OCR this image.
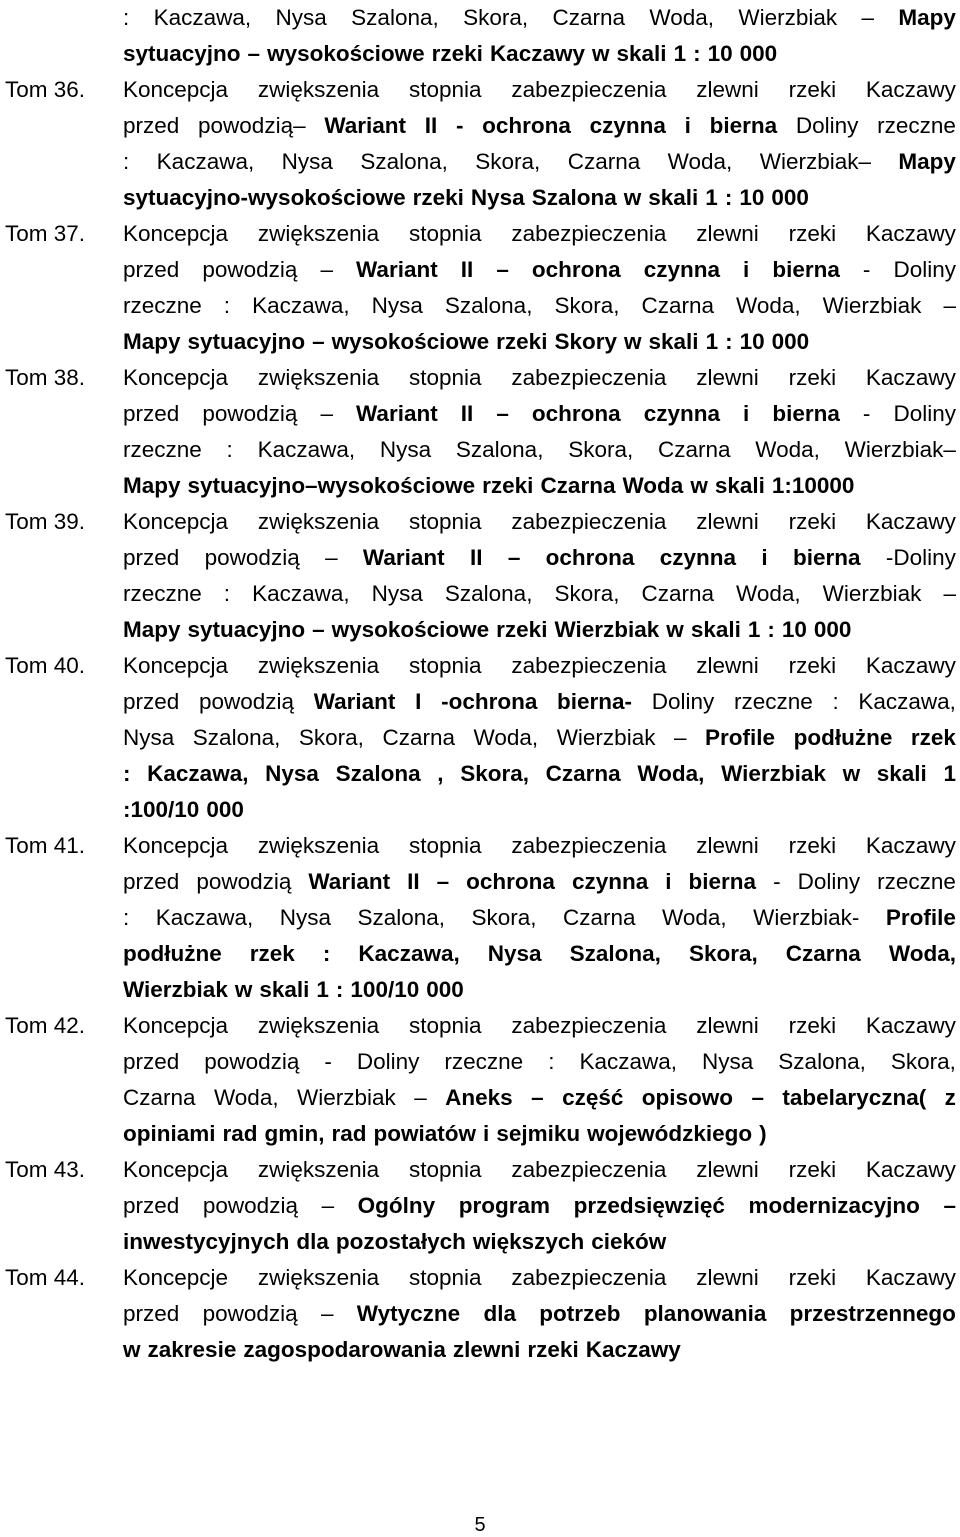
: Kaczawa, Nysa Szalona, Skora, Czarna Woda, Wierzbiak – Mapy
sytuacyjno – wysokościowe rzeki Kaczawy w skali 1 : 10 000
Tom 36. Koncepcja zwiększenia stopnia zabezpieczenia zlewni rzeki Kaczawy
przed powodzią– Wariant II - ochrona czynna i bierna Doliny rzeczne
: Kaczawa, Nysa Szalona, Skora, Czarna Woda, Wierzbiak– Mapy
sytuacyjno-wysokościowe rzeki Nysa Szalona w skali 1 : 10 000
Tom 37. Koncepcja zwiększenia stopnia zabezpieczenia zlewni rzeki Kaczawy
przed powodzią – Wariant II – ochrona czynna i bierna - Doliny
rzeczne : Kaczawa, Nysa Szalona, Skora, Czarna Woda, Wierzbiak –
Mapy sytuacyjno – wysokościowe rzeki Skory w skali 1 : 10 000
Tom 38. Koncepcja zwiększenia stopnia zabezpieczenia zlewni rzeki Kaczawy
przed powodzią – Wariant II – ochrona czynna i bierna - Doliny
rzeczne : Kaczawa, Nysa Szalona, Skora, Czarna Woda, Wierzbiak–
Mapy sytuacyjno–wysokościowe rzeki Czarna Woda w skali 1:10000
Tom 39. Koncepcja zwiększenia stopnia zabezpieczenia zlewni rzeki Kaczawy
przed powodzią – Wariant II – ochrona czynna i bierna -Doliny
rzeczne : Kaczawa, Nysa Szalona, Skora, Czarna Woda, Wierzbiak –
Mapy sytuacyjno – wysokościowe rzeki Wierzbiak w skali 1 : 10 000
Tom 40. Koncepcja zwiększenia stopnia zabezpieczenia zlewni rzeki Kaczawy
przed powodzią Wariant I -ochrona bierna- Doliny rzeczne : Kaczawa,
Nysa Szalona, Skora, Czarna Woda, Wierzbiak – Profile podłużne rzek
: Kaczawa, Nysa Szalona , Skora, Czarna Woda, Wierzbiak w skali 1
:100/10 000
Tom 41. Koncepcja zwiększenia stopnia zabezpieczenia zlewni rzeki Kaczawy
przed powodzią Wariant II – ochrona czynna i bierna - Doliny rzeczne
: Kaczawa, Nysa Szalona, Skora, Czarna Woda, Wierzbiak- Profile
podłużne rzek : Kaczawa, Nysa Szalona, Skora, Czarna Woda,
Wierzbiak w skali 1 : 100/10 000
Tom 42. Koncepcja zwiększenia stopnia zabezpieczenia zlewni rzeki Kaczawy
przed powodzią - Doliny rzeczne : Kaczawa, Nysa Szalona, Skora,
Czarna Woda, Wierzbiak – Aneks – część opisowo – tabelaryczna( z
opiniami rad gmin, rad powiatów i sejmiku wojewódzkiego )
Tom 43. Koncepcja zwiększenia stopnia zabezpieczenia zlewni rzeki Kaczawy
przed powodzią – Ogólny program przedsięwzięć modernizacyjno –
inwestycyjnych dla pozostałych większych cieków
Tom 44. Koncepcje zwiększenia stopnia zabezpieczenia zlewni rzeki Kaczawy
przed powodzią – Wytyczne dla potrzeb planowania przestrzennego
w zakresie zagospodarowania zlewni rzeki Kaczawy
5
